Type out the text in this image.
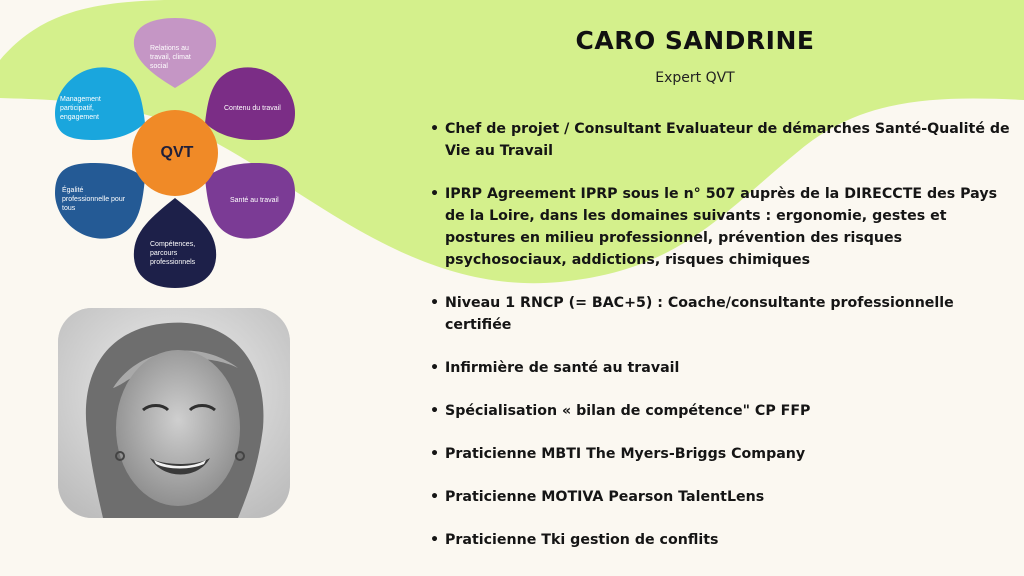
Relations au travail, climat social
Contenu du travail
Santé au travail
Compétences, parcours professionnels
Égalité professionnelle pour tous
Management participatif, engagement
QVT
CARO SANDRINE
Expert QVT
• Chef de projet / Consultant Evaluateur de démarches Santé-Qualité de Vie au Travail
• IPRP Agreement IPRP sous le n° 507 auprès de la DIRECCTE des Pays de la Loire, dans les domaines suivants : ergonomie, gestes et postures en milieu professionnel, prévention des risques psychosociaux, addictions, risques chimiques
• Niveau 1 RNCP (= BAC+5) : Coache/consultante professionnelle certifiée
• Infirmière de santé au travail
• Spécialisation « bilan de compétence" CP FFP
• Praticienne MBTI The Myers-Briggs Company
• Praticienne MOTIVA Pearson TalentLens
• Praticienne Tki gestion de conflits
